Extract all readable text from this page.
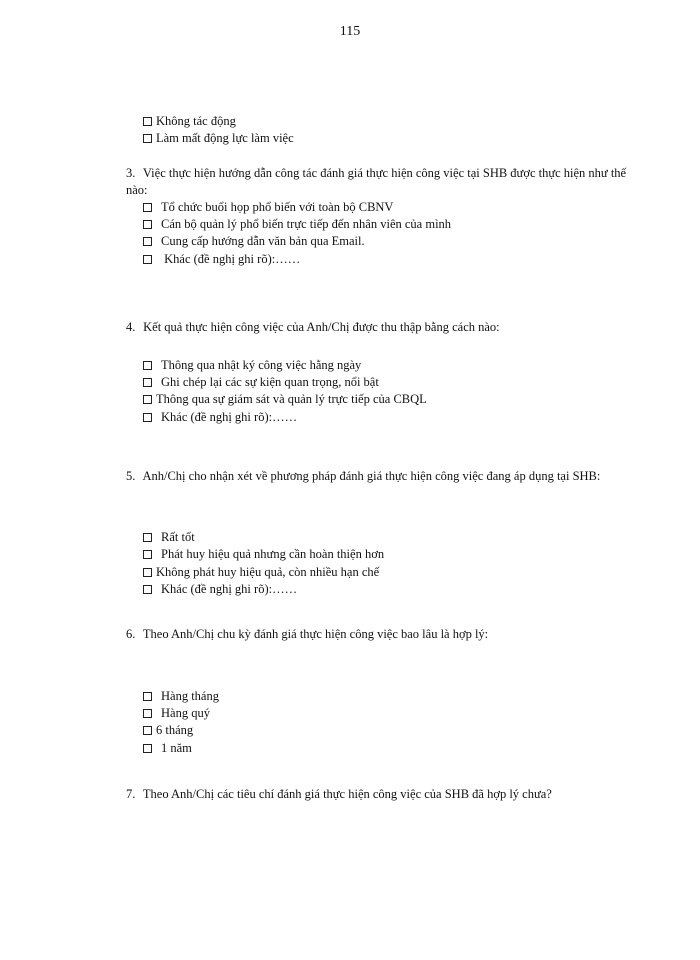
115
Không tác động
Làm mất động lực làm việc
3. Việc thực hiện hướng dẫn công tác đánh giá thực hiện công việc tại SHB được thực hiện như thế nào:
Tổ chức buổi họp phổ biến với toàn bộ CBNV
Cán bộ quản lý phổ biến trực tiếp đến nhân viên của mình
Cung cấp hướng dẫn văn bản qua Email.
Khác (đề nghị ghi rõ):……
4. Kết quả thực hiện công việc của Anh/Chị được thu thập bằng cách nào:
Thông qua nhật ký công việc hằng ngày
Ghi chép lại các sự kiện quan trọng, nổi bật
Thông qua sự giám sát và quản lý trực tiếp của CBQL
Khác (đề nghị ghi rõ):……
5. Anh/Chị cho nhận xét về phương pháp đánh giá thực hiện công việc đang áp dụng tại SHB:
Rất tốt
Phát huy hiệu quả nhưng cần hoàn thiện hơn
Không phát huy hiệu quả, còn nhiều hạn chế
Khác (đề nghị ghi rõ):……
6. Theo Anh/Chị chu kỳ đánh giá thực hiện công việc bao lâu là hợp lý:
Hàng tháng
Hàng quý
6 tháng
1 năm
7. Theo Anh/Chị các tiêu chí đánh giá thực hiện công việc của SHB đã hợp lý chưa?
